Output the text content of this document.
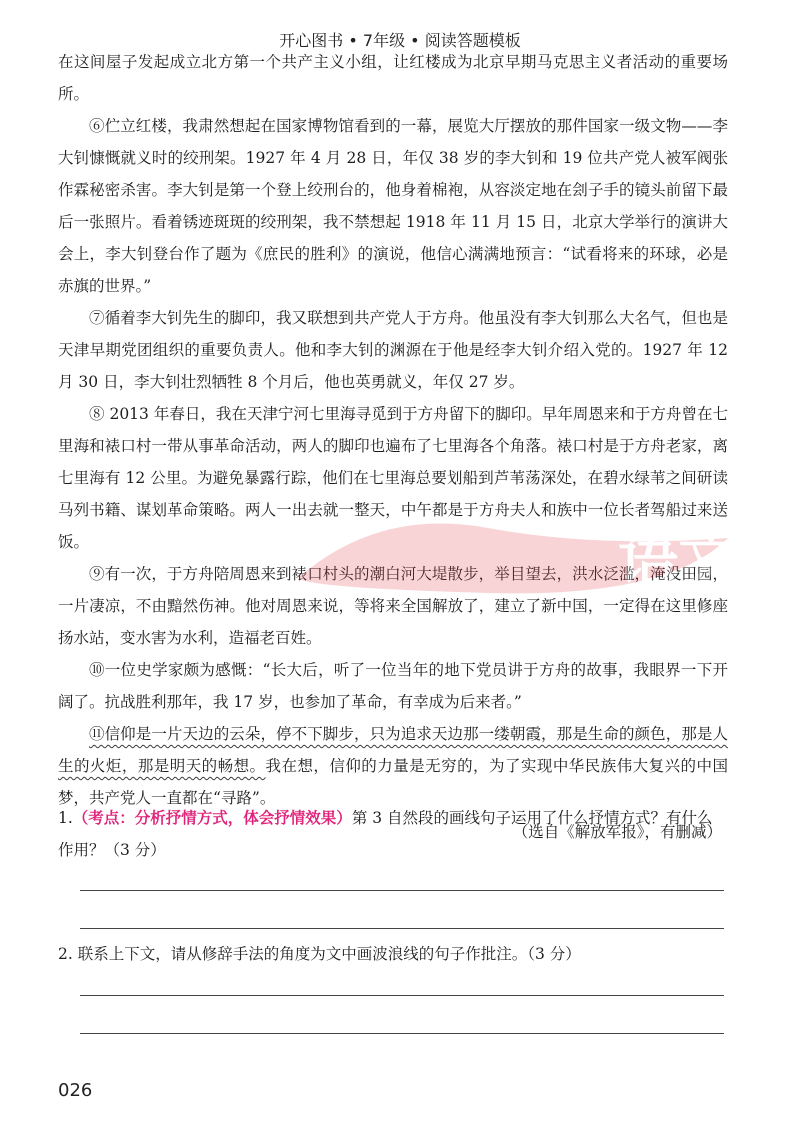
开心图书 • 7年级 • 阅读答题模板

在这间屋子发起成立北方第一个共产主义小组，让红楼成为北京早期马克思主义者活动的重要场所。

⑥伫立红楼，我肃然想起在国家博物馆看到的一幕，展览大厅摆放的那件国家一级文物——李大钊慷慨就义时的绞刑架。1927 年 4 月 28 日，年仅 38 岁的李大钊和 19 位共产党人被军阀张作霖秘密杀害。李大钊是第一个登上绞刑台的，他身着棉袍，从容淡定地在刽子手的镜头前留下最后一张照片。看着锈迹斑斑的绞刑架，我不禁想起 1918 年 11 月 15 日，北京大学举行的演讲大会上，李大钊登台作了题为《庶民的胜利》的演说，他信心满满地预言：“试看将来的环球，必是赤旗的世界。”

⑦循着李大钊先生的脚印，我又联想到共产党人于方舟。他虽没有李大钊那么大名气，但也是天津早期党团组织的重要负责人。他和李大钊的渊源在于他是经李大钊介绍入党的。1927 年 12 月 30 日，李大钊壮烈牺牲 8 个月后，他也英勇就义，年仅 27 岁。

⑧ 2013 年春日，我在天津宁河七里海寻觅到于方舟留下的脚印。早年周恩来和于方舟曾在七里海和裱口村一带从事革命活动，两人的脚印也遍布了七里海各个角落。裱口村是于方舟老家，离七里海有 12 公里。为避免暴露行踪，他们在七里海总要划船到芦苇荡深处，在碧水绿苇之间研读马列书籍、谋划革命策略。两人一出去就一整天，中午都是于方舟夫人和族中一位长者驾船过来送饭。

⑨有一次，于方舟陪周恩来到裱口村头的潮白河大堤散步，举目望去，洪水泛滥，淹没田园，一片凄凉，不由黯然伤神。他对周恩来说，等将来全国解放了，建立了新中国，一定得在这里修座扬水站，变水害为水利，造福老百姓。

⑩一位史学家颇为感慨：“长大后，听了一位当年的地下党员讲于方舟的故事，我眼界一下开阔了。抗战胜利那年，我 17 岁，也参加了革命，有幸成为后来者。”

⑪信仰是一片天边的云朵，停不下脚步，只为追求天边那一缕朝霞，那是生命的颜色，那是人生的火炬，那是明天的畅想。我在想，信仰的力量是无穷的，为了实现中华民族伟大复兴的中国梦，共产党人一直都在“寻路”。

（选自《解放军报》，有删减）
1.（考点：分析抒情方式，体会抒情效果）第 3 自然段的画线句子运用了什么抒情方式？有什么作用？（3 分）
2. 联系上下文，请从修辞手法的角度为文中画波浪线的句子作批注。（3 分）
026
语文
